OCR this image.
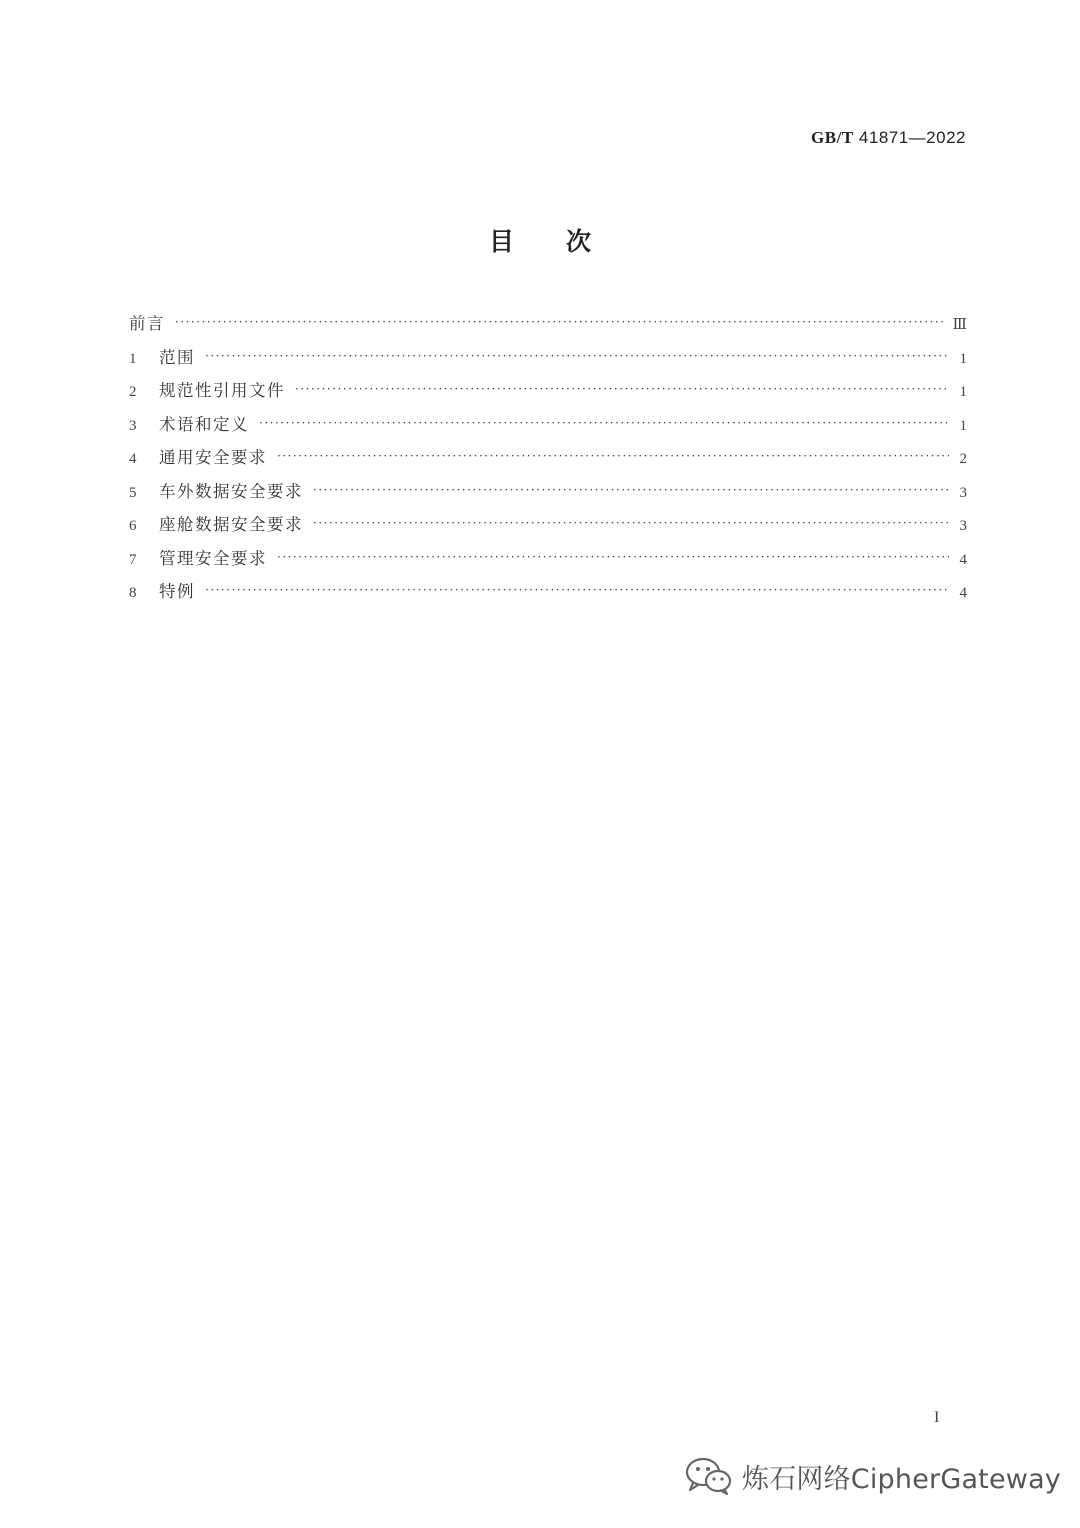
GB/T 41871—2022
目次
前言 ·····	Ⅲ
1	范围 ·····	1
2	规范性引用文件 ·····	1
3	术语和定义 ·····	1
4	通用安全要求 ·····	2
5	车外数据安全要求 ·····	3
6	座舱数据安全要求 ·····	3
7	管理安全要求 ·····	4
8	特例 ·····	4
I
炼石网络CipherGateway
